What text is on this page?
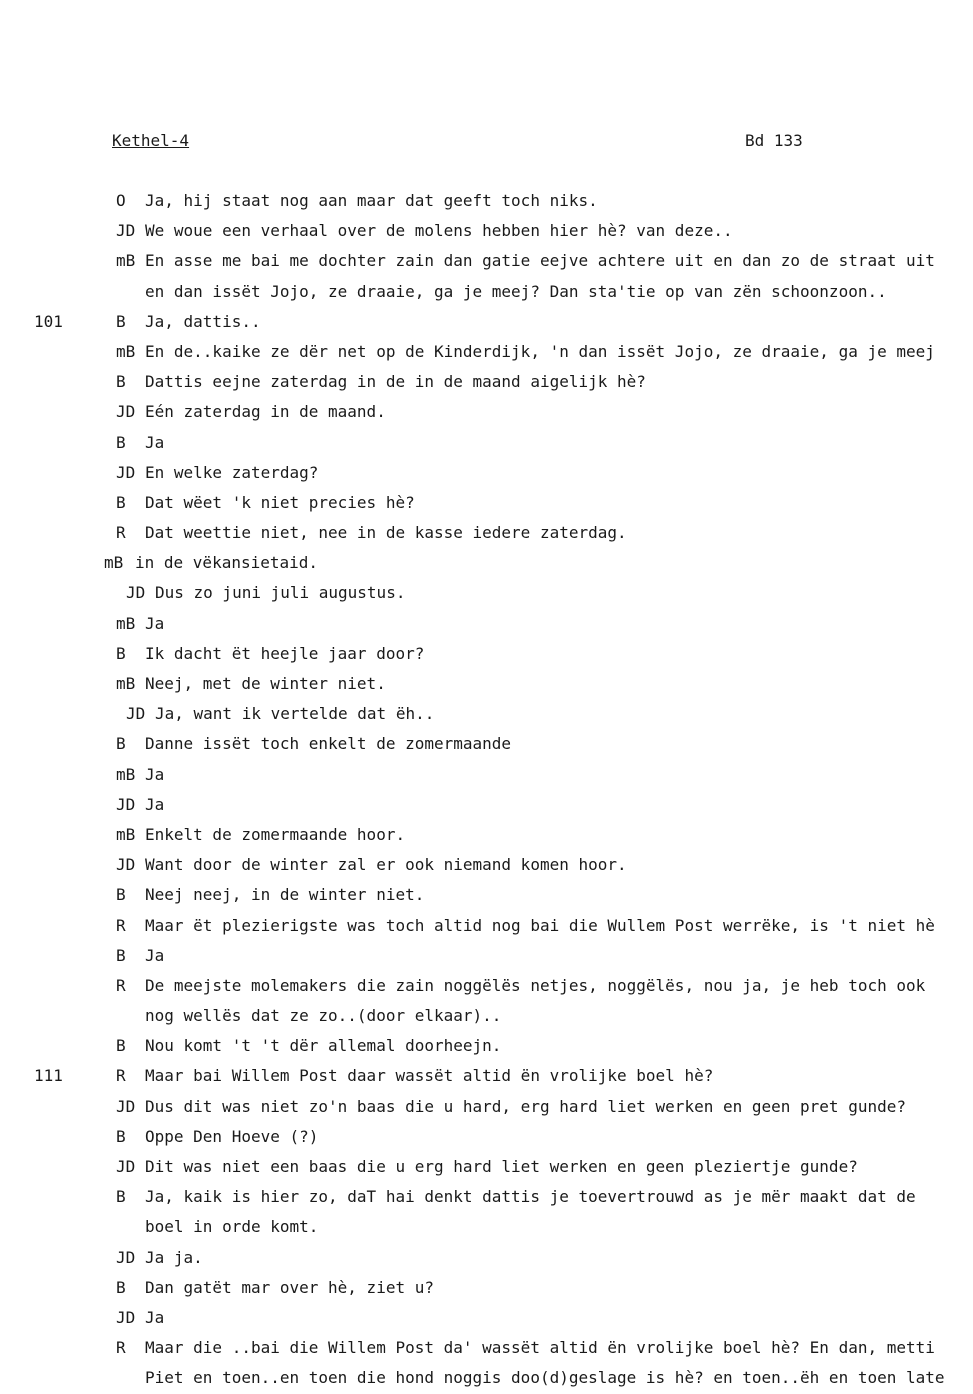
Kethel-4	Bd 133
O Ja, hij staat nog aan maar dat geeft toch niks.
JD We woue een verhaal over de molens hebben hier hè? van deze..
mB En asse me bai me dochter zain dan gatie eejve achtere uit en dan zo de straat uit
en dan issët Jojo, ze draaie, ga je meej? Dan sta'tie op van zën schoonzoon..
101	B Ja, dattis..
mB En de..kaike ze dër net op de Kinderdijk, 'n dan issët Jojo, ze draaie, ga je meej
B Dattis eejne zaterdag in de in de maand aigelijk hè?
JD Eén zaterdag in de maand.
B Ja
JD En welke zaterdag?
B Dat wëet 'k niet precies hè?
R Dat weettie niet, nee in de kasse iedere zaterdag.
mB in de vëkansietaid.
JD Dus zo juni juli augustus.
mB Ja
B Ik dacht ët heejle jaar door?
mB Neej, met de winter niet.
JD Ja, want ik vertelde dat ëh..
B Danne issët toch enkelt de zomermaande
mB Ja
JD Ja
mB Enkelt de zomermaande hoor.
JD Want door de winter zal er ook niemand komen hoor.
B Neej neej, in de winter niet.
R Maar ët plezierigste was toch altid nog bai die Wullem Post werrëke, is 't niet hè
B Ja
R De meejste molemakers die zain noggëlës netjes, noggëlës, nou ja, je heb toch ook
nog wellës dat ze zo..(door elkaar)..
B Nou komt 't 't dër allemal doorheejn.
111	R Maar bai Willem Post daar wassët altid ën vrolijke boel hè?
JD Dus dit was niet zo'n baas die u hard, erg hard liet werken en geen pret gunde?
B Oppe Den Hoeve (?)
JD Dit was niet een baas die u erg hard liet werken en geen pleziertje gunde?
B Ja, kaik is hier zo, daT hai denkt dattis je toevertrouwd as je mër maakt dat de
boel in orde komt.
JD Ja ja.
B Dan gatët mar over hè, ziet u?
JD Ja
R Maar die ..bai die Willem Post da' wassët altid ën vrolijke boel hè? En dan, metti
Piet en toen..en toen die hond noggis doo(d)geslage is hè? en toen..ëh en toen late
